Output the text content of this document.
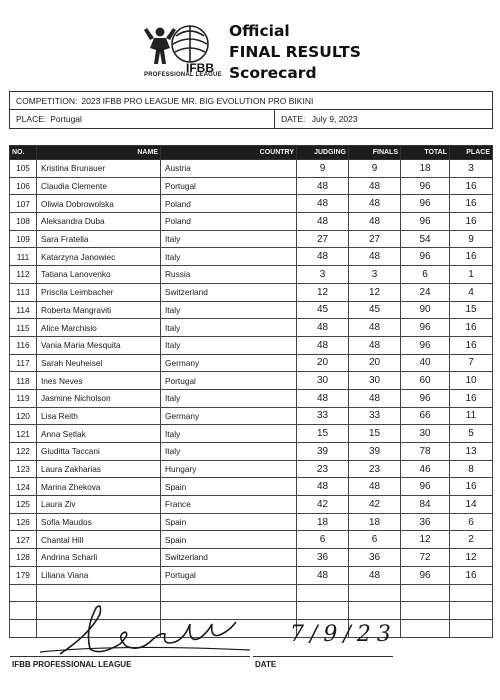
IFBB
PROFESSIONAL LEAGUE
Official
FINAL RESULTS
Scorecard
COMPETITION: 2023 IFBB PRO LEAGUE MR. BIG EVOLUTION PRO BIKINI
PLACE: Portugal	DATE: July 9, 2023
NO.	NAME	COUNTRY	JUDGING	FINALS	TOTAL	PLACE
105	Kristina Brunauer	Austria	9	9	18	3
106	Claudia Clemente	Portugal	48	48	96	16
107	Oliwia Dobrowolska	Poland	48	48	96	16
108	Aleksandra Duba	Poland	48	48	96	16
109	Sara Fratella	Italy	27	27	54	9
111	Katarzyna Janowiec	Italy	48	48	96	16
112	Tatiana Lanovenko	Russia	3	3	6	1
113	Priscila Leimbacher	Switzerland	12	12	24	4
114	Roberta Mangraviti	Italy	45	45	90	15
115	Alice Marchisio	Italy	48	48	96	16
116	Vania Maria Mesquita	Italy	48	48	96	16
117	Sarah Neuheisel	Germany	20	20	40	7
118	Ines Neves	Portugal	30	30	60	10
119	Jasmine Nicholson	Italy	48	48	96	16
120	Lisa Reith	Germany	33	33	66	11
121	Anna Setlak	Italy	15	15	30	5
122	Giuditta Taccani	Italy	39	39	78	13
123	Laura Zakharias	Hungary	23	23	46	8
124	Marina Zhekova	Spain	48	48	96	16
125	Laura Ziv	France	42	42	84	14
126	Sofia Maudos	Spain	18	18	36	6
127	Chantal Hill	Spain	6	6	12	2
128	Andrina Scharli	Switzerland	36	36	72	12
179	Liliana Viana	Portugal	48	48	96	16

IFBB PROFESSIONAL LEAGUE
7/9/23
DATE
